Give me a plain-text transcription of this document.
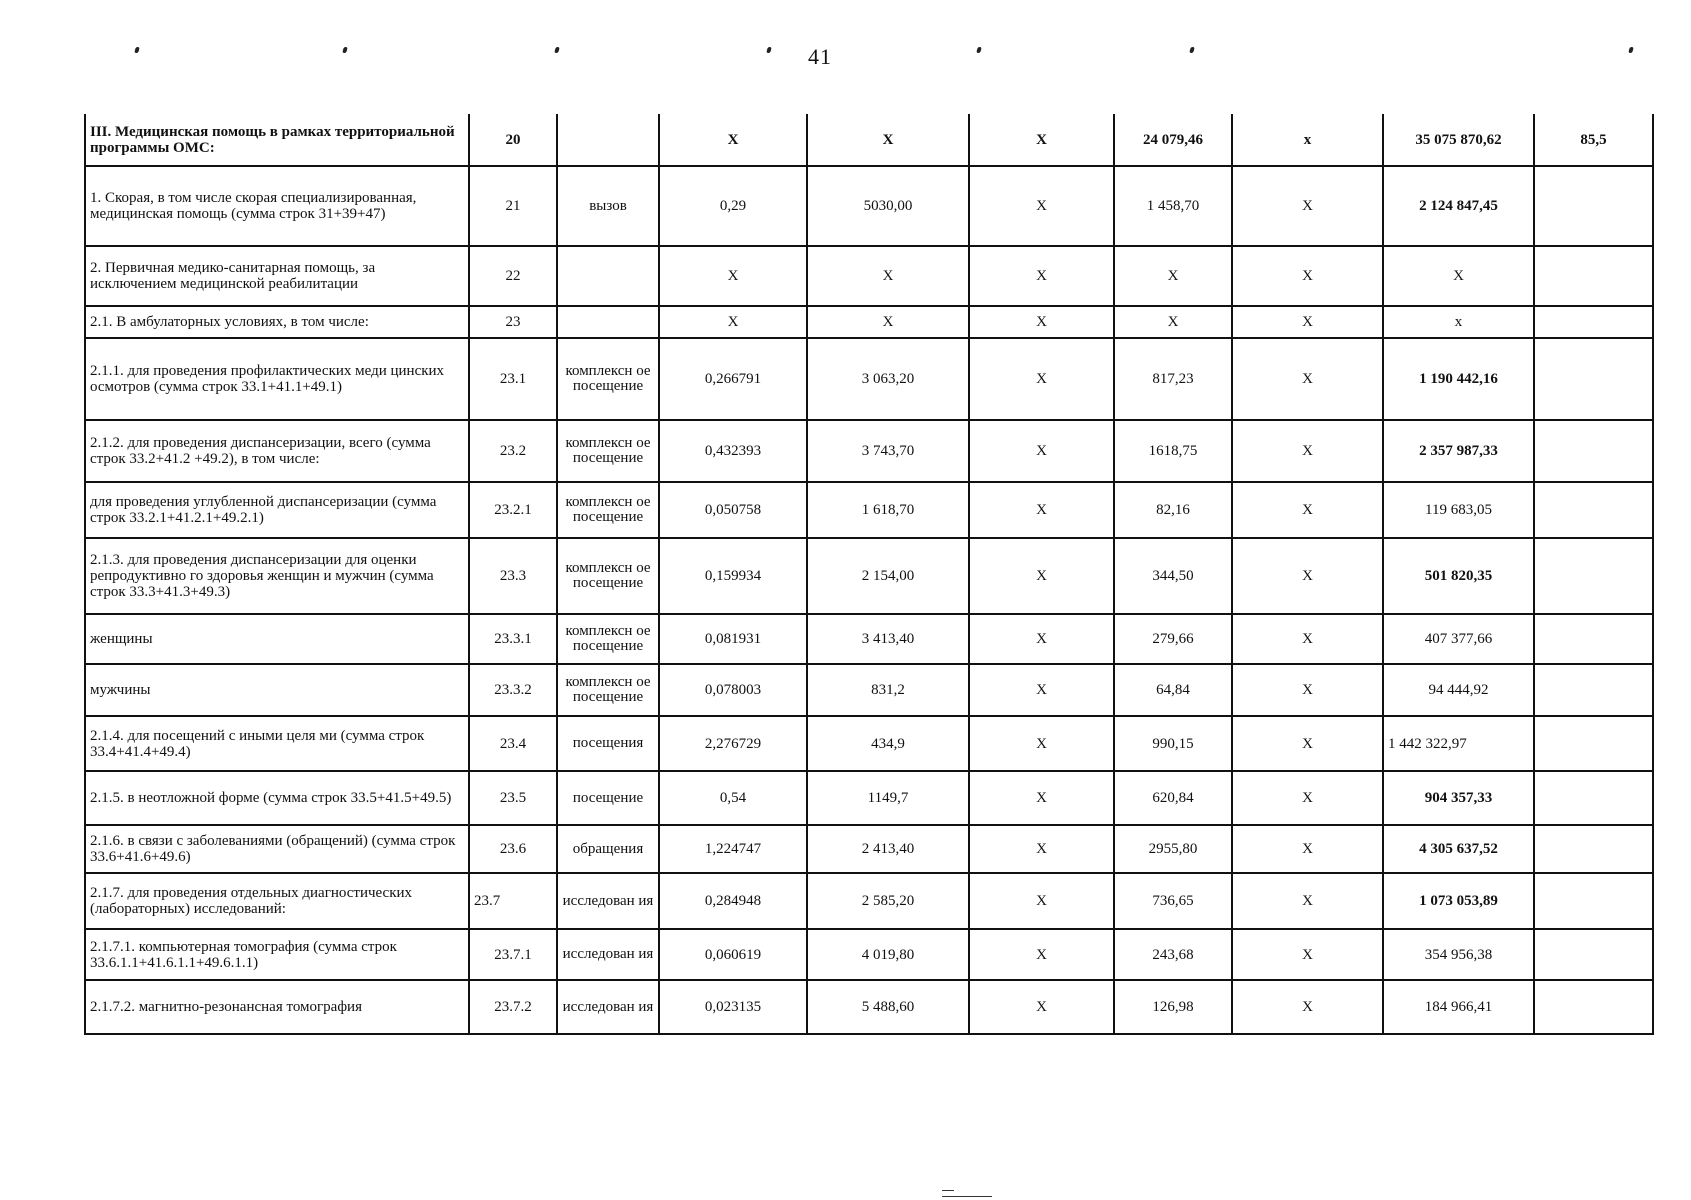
41
III. Медицинская помощь в рамках территориальной программы ОМС:	20		X	X	X	24 079,46	x	35 075 870,62	85,5
1. Скорая, в том числе скорая специализированная, медицинская помощь (сумма строк 31+39+47)	21	вызов	0,29	5030,00	X	1 458,70	X	2 124 847,45	
2. Первичная медико-санитарная помощь, за исключением медицинской реабилитации	22		X	X	X	X	X	X	
2.1. В амбулаторных условиях, в том числе:	23		X	X	X	X	X	x	
2.1.1. для проведения профилактических меди цинских осмотров (сумма строк 33.1+41.1+49.1)	23.1	комплексн ое посещение	0,266791	3 063,20	X	817,23	X	1 190 442,16	
2.1.2. для проведения диспансеризации, всего (сумма строк 33.2+41.2 +49.2), в том числе:	23.2	комплексн ое посещение	0,432393	3 743,70	X	1618,75	X	2 357 987,33	
для проведения углубленной диспансеризации (сумма строк 33.2.1+41.2.1+49.2.1)	23.2.1	комплексн ое посещение	0,050758	1 618,70	X	82,16	X	119 683,05	
2.1.3. для проведения диспансеризации для оценки репродуктивно го здоровья женщин и мужчин (сумма строк 33.3+41.3+49.3)	23.3	комплексн ое посещение	0,159934	2 154,00	X	344,50	X	501 820,35	
женщины	23.3.1	комплексн ое посещение	0,081931	3 413,40	X	279,66	X	407 377,66	
мужчины	23.3.2	комплексн ое посещение	0,078003	831,2	X	64,84	X	94 444,92	
2.1.4. для посещений с иными целя ми (сумма строк 33.4+41.4+49.4)	23.4	посещения	2,276729	434,9	X	990,15	X	1 442 322,97	
2.1.5. в неотложной форме (сумма строк 33.5+41.5+49.5)	23.5	посещение	0,54	1149,7	X	620,84	X	904 357,33	
2.1.6. в связи с заболеваниями (обращений) (сумма строк 33.6+41.6+49.6)	23.6	обращения	1,224747	2 413,40	X	2955,80	X	4 305 637,52	
2.1.7. для проведения отдельных диагностических (лабораторных) исследований:	23.7	исследован ия	0,284948	2 585,20	X	736,65	X	1 073 053,89	
2.1.7.1. компьютерная томография (сумма строк 33.6.1.1+41.6.1.1+49.6.1.1)	23.7.1	исследован ия	0,060619	4 019,80	X	243,68	X	354 956,38	
2.1.7.2. магнитно-резонансная томография	23.7.2	исследован ия	0,023135	5 488,60	X	126,98	X	184 966,41	
